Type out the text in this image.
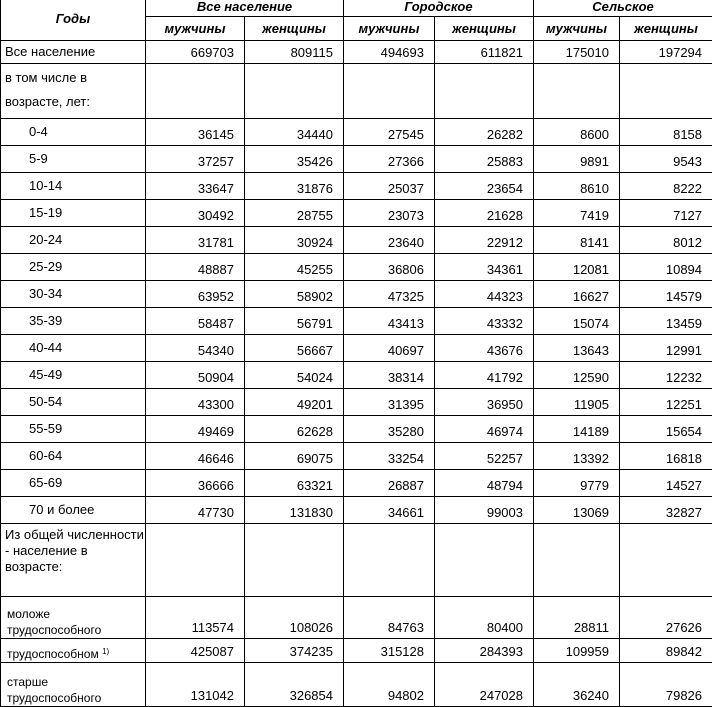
Годы	Все население		Городское		Сельское	
	мужчины	женщины	мужчины	женщины	мужчины	женщины
Все население	669703	809115	494693	611821	175010	197294
в том числе в возрасте, лет:						
0-4	36145	34440	27545	26282	8600	8158
5-9	37257	35426	27366	25883	9891	9543
10-14	33647	31876	25037	23654	8610	8222
15-19	30492	28755	23073	21628	7419	7127
20-24	31781	30924	23640	22912	8141	8012
25-29	48887	45255	36806	34361	12081	10894
30-34	63952	58902	47325	44323	16627	14579
35-39	58487	56791	43413	43332	15074	13459
40-44	54340	56667	40697	43676	13643	12991
45-49	50904	54024	38314	41792	12590	12232
50-54	43300	49201	31395	36950	11905	12251
55-59	49469	62628	35280	46974	14189	15654
60-64	46646	69075	33254	52257	13392	16818
65-69	36666	63321	26887	48794	9779	14527
70 и более	47730	131830	34661	99003	13069	32827
Из общей численности - население в возрасте:						
моложе трудоспособного	113574	108026	84763	80400	28811	27626
трудоспособном $^{1)}$	425087	374235	315128	284393	109959	89842
старше трудоспособного	131042	326854	94802	247028	36240	79826
